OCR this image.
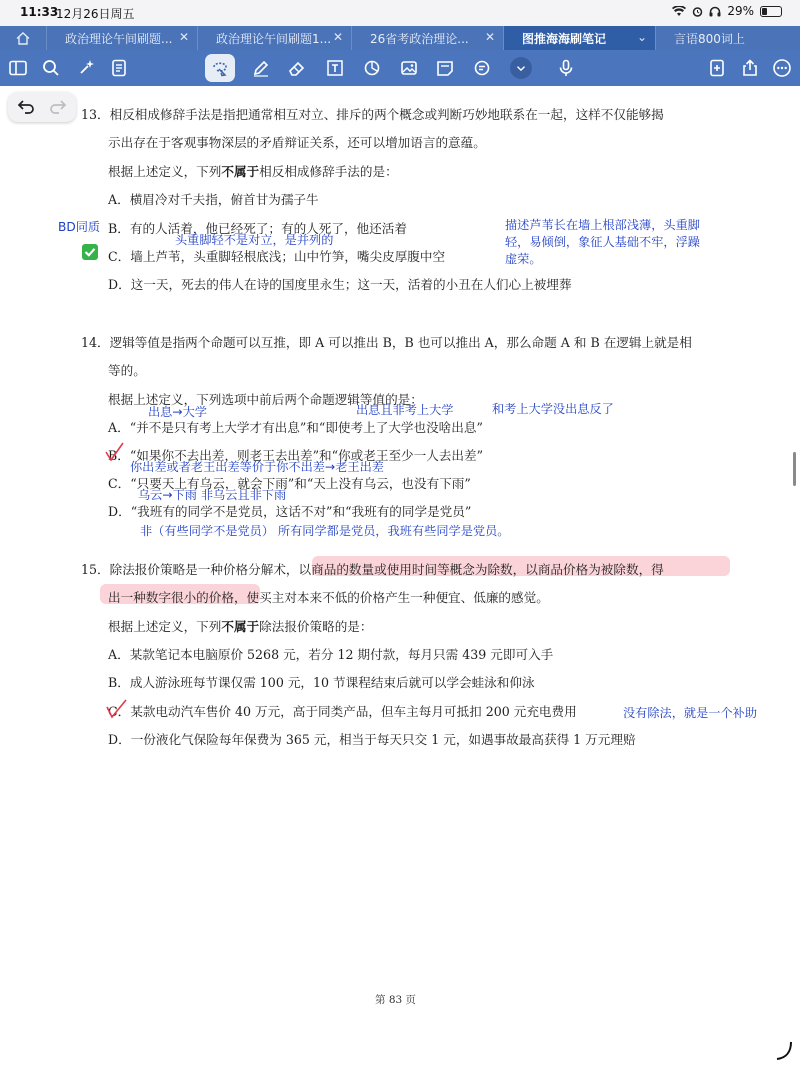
11:33
12月26日周五	29%
政治理论午间刷题... ✕ 政治理论午间刷题1... ✕ 26省考政治理论... ✕ 图推海海刷笔记	⌄ 言语800词上
13．相反相成修辞手法是指把通常相互对立、排斥的两个概念或判断巧妙地联系在一起，这样不仅能够揭
示出存在于客观事物深层的矛盾辩证关系，还可以增加语言的意蕴。
根据上述定义，下列不属于相反相成修辞手法的是：
A．横眉冷对千夫指，俯首甘为孺子牛
B．有的人活着，他已经死了；有的人死了，他还活着
C．墙上芦苇，头重脚轻根底浅；山中竹笋，嘴尖皮厚腹中空
D．这一天，死去的伟人在诗的国度里永生；这一天，活着的小丑在人们心上被埋葬
14．逻辑等值是指两个命题可以互推，即 A 可以推出 B，B 也可以推出 A，那么命题 A 和 B 在逻辑上就是相
等的。
根据上述定义，下列选项中前后两个命题逻辑等值的是：
A．“并不是只有考上大学才有出息”和“即使考上了大学也没啥出息”
B．“如果你不去出差，则老王去出差”和“你或老王至少一人去出差”
C．“只要天上有乌云，就会下雨”和“天上没有乌云，也没有下雨”
D．“我班有的同学不是党员，这话不对”和“我班有的同学是党员”
15．除法报价策略是一种价格分解术，以商品的数量或使用时间等概念为除数，以商品价格为被除数，得
出一种数字很小的价格，使买主对本来不低的价格产生一种便宜、低廉的感觉。
根据上述定义，下列不属于除法报价策略的是：
A．某款笔记本电脑原价 5268 元，若分 12 期付款，每月只需 439 元即可入手
B．成人游泳班每节课仅需 100 元，10 节课程结束后就可以学会蛙泳和仰泳
C．某款电动汽车售价 40 万元，高于同类产品，但车主每月可抵扣 200 元充电费用
D．一份液化气保险每年保费为 365 元，相当于每天只交 1 元，如遇事故最高获得 1 万元理赔
BD同质
头重脚轻不是对立，是并列的
描述芦苇长在墙上根部浅薄，头重脚轻，易倾倒，象征人基础不牢，浮躁虚荣。
出息→大学	出息且非考上大学	和考上大学没出息反了
你出差或者老王出差等价于你不出差→老王出差
乌云→下雨 非乌云且非下雨
非（有些同学不是党员） 所有同学都是党员，我班有些同学是党员。
没有除法，就是一个补助
第 83 页
